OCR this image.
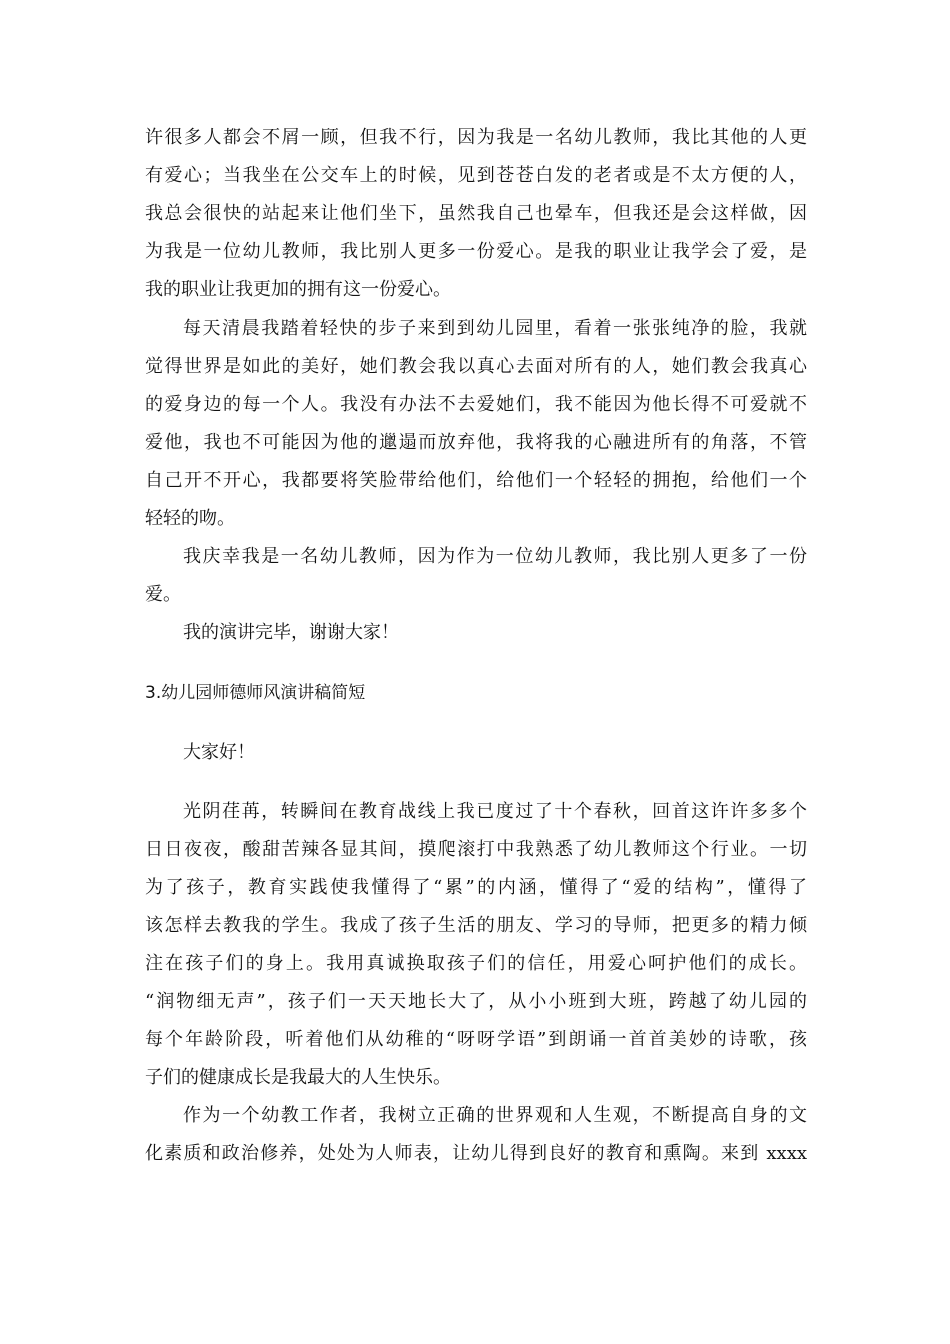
许很多人都会不屑一顾，但我不行，因为我是一名幼儿教师，我比其他的人更
有爱心；当我坐在公交车上的时候，见到苍苍白发的老者或是不太方便的人，
我总会很快的站起来让他们坐下，虽然我自己也晕车，但我还是会这样做，因
为我是一位幼儿教师，我比别人更多一份爱心。是我的职业让我学会了爱，是
我的职业让我更加的拥有这一份爱心。
每天清晨我踏着轻快的步子来到到幼儿园里，看着一张张纯净的脸，我就
觉得世界是如此的美好，她们教会我以真心去面对所有的人，她们教会我真心
的爱身边的每一个人。我没有办法不去爱她们，我不能因为他长得不可爱就不
爱他，我也不可能因为他的邋遢而放弃他，我将我的心融进所有的角落，不管
自己开不开心，我都要将笑脸带给他们，给他们一个轻轻的拥抱，给他们一个
轻轻的吻。
我庆幸我是一名幼儿教师，因为作为一位幼儿教师，我比别人更多了一份
爱。
我的演讲完毕，谢谢大家！
3.幼儿园师德师风演讲稿简短
大家好！
光阴荏苒，转瞬间在教育战线上我已度过了十个春秋，回首这许许多多个
日日夜夜，酸甜苦辣各显其间，摸爬滚打中我熟悉了幼儿教师这个行业。一切
为了孩子，教育实践使我懂得了“累”的内涵，懂得了“爱的结构”，懂得了
该怎样去教我的学生。我成了孩子生活的朋友、学习的导师，把更多的精力倾
注在孩子们的身上。我用真诚换取孩子们的信任，用爱心呵护他们的成长。
“润物细无声”，孩子们一天天地长大了，从小小班到大班，跨越了幼儿园的
每个年龄阶段，听着他们从幼稚的“呀呀学语”到朗诵一首首美妙的诗歌，孩
子们的健康成长是我最大的人生快乐。
作为一个幼教工作者，我树立正确的世界观和人生观，不断提高自身的文
化素质和政治修养，处处为人师表，让幼儿得到良好的教育和熏陶。来到 xxxx
